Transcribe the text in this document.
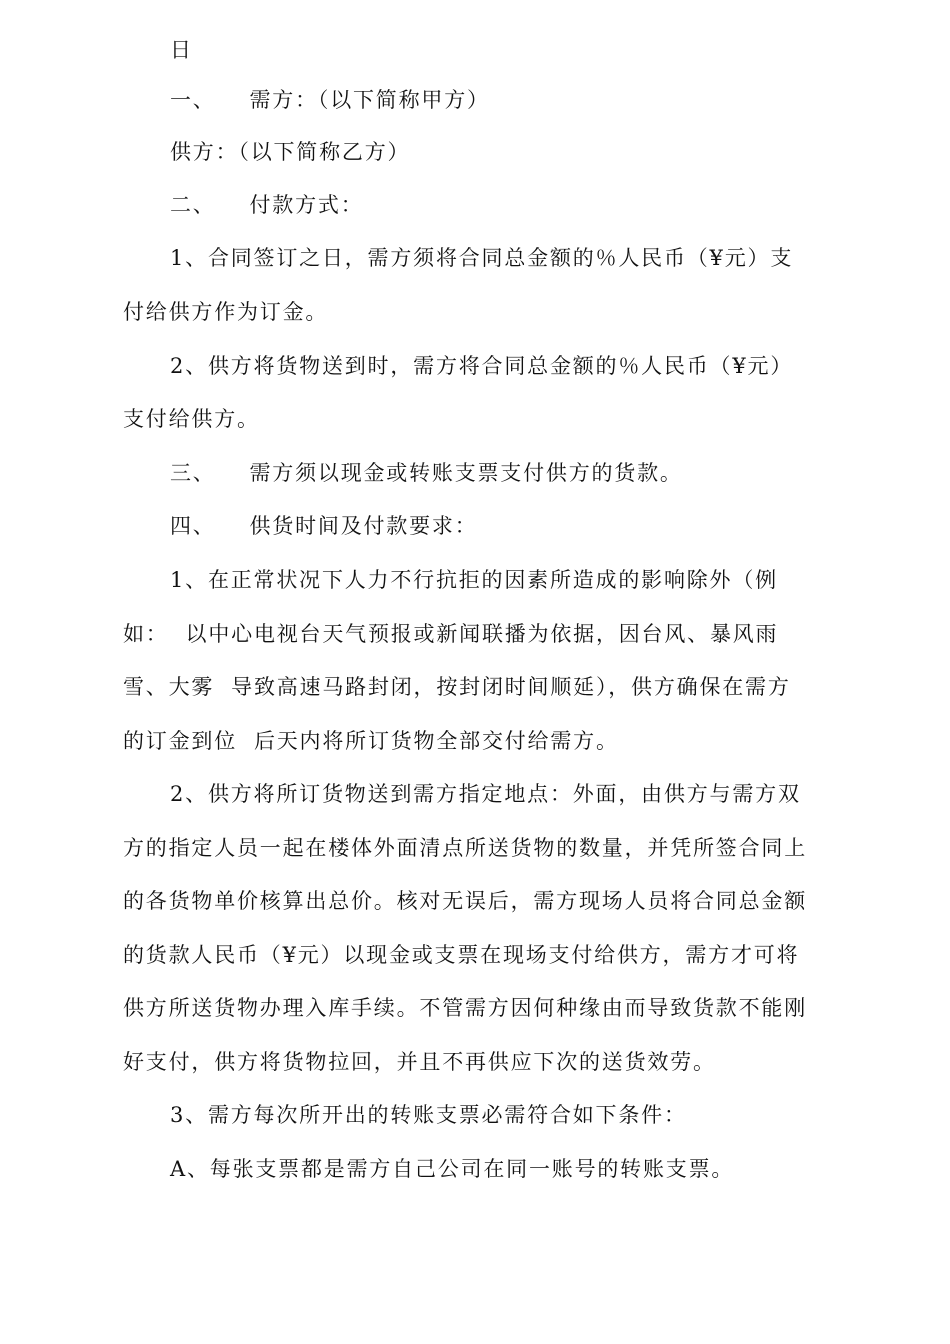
日
一、    需方：（以下简称甲方）
供方：（以下简称乙方）
二、    付款方式：
1、合同签订之日，需方须将合同总金额的％人民币（¥元）支
付给供方作为订金。
2、供方将货物送到时，需方将合同总金额的％人民币（¥元）
支付给供方。
三、    需方须以现金或转账支票支付供方的货款。
四、    供货时间及付款要求：
1、在正常状况下人力不行抗拒的因素所造成的影响除外（例
如：  以中心电视台天气预报或新闻联播为依据，因台风、暴风雨
雪、大雾  导致高速马路封闭，按封闭时间顺延），供方确保在需方
的订金到位  后天内将所订货物全部交付给需方。
2、供方将所订货物送到需方指定地点：外面，由供方与需方双
方的指定人员一起在楼体外面清点所送货物的数量，并凭所签合同上
的各货物单价核算出总价。核对无误后，需方现场人员将合同总金额
的货款人民币（¥元）以现金或支票在现场支付给供方，需方才可将
供方所送货物办理入库手续。不管需方因何种缘由而导致货款不能刚
好支付，供方将货物拉回，并且不再供应下次的送货效劳。
3、需方每次所开出的转账支票必需符合如下条件：
A、每张支票都是需方自己公司在同一账号的转账支票。
